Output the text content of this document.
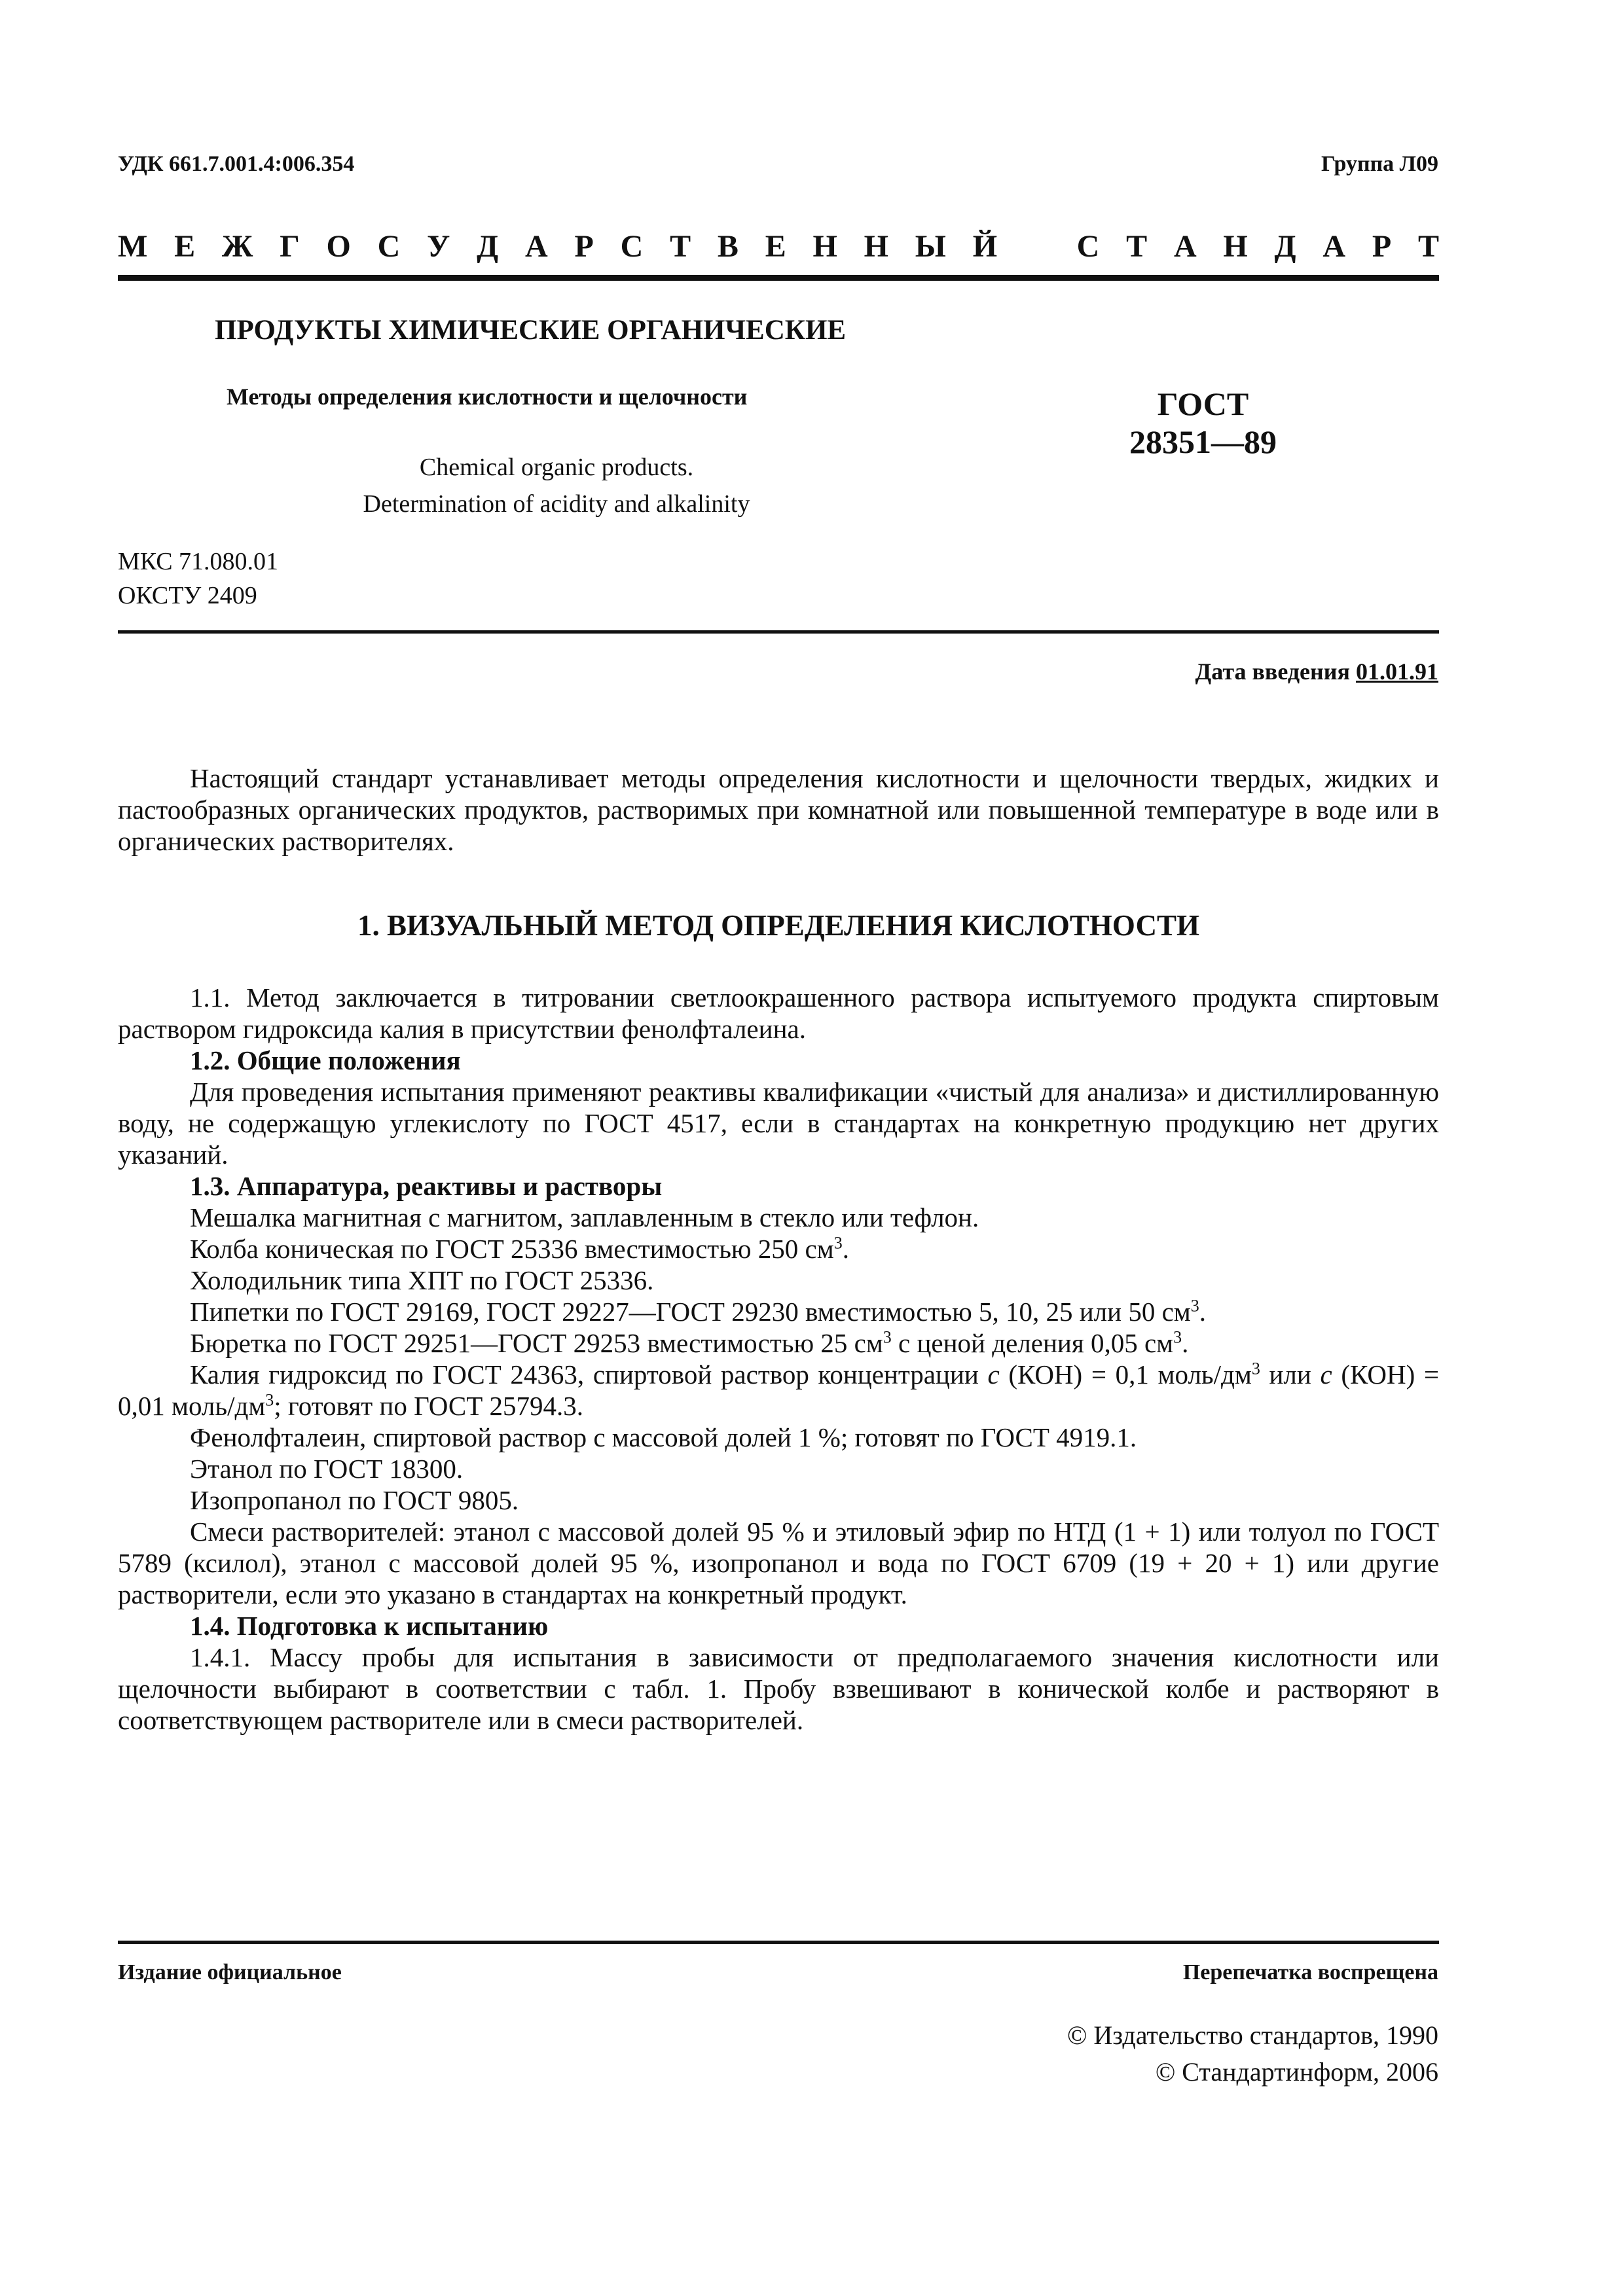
УДК 661.7.001.4:006.354	Группа Л09
М Е Ж Г О С У Д А Р С Т В Е Н Н Ы Й	С Т А Н Д А Р Т
ПРОДУКТЫ ХИМИЧЕСКИЕ ОРГАНИЧЕСКИЕ
Методы определения кислотности и щелочности
Chemical organic products.
Determination of acidity and alkalinity
ГОСТ
28351—89
МКС 71.080.01
ОКСТУ 2409
Дата введения 01.01.91

Настоящий стандарт устанавливает методы определения кислотности и щелочности твердых, жидких и пастообразных органических продуктов, растворимых при комнатной или повышенной температуре в воде или в органических растворителях.

1. ВИЗУАЛЬНЫЙ МЕТОД ОПРЕДЕЛЕНИЯ КИСЛОТНОСТИ

1.1. Метод заключается в титровании светлоокрашенного раствора испытуемого продукта спиртовым раствором гидроксида калия в присутствии фенолфталеина.

1.2. Общие положения

Для проведения испытания применяют реактивы квалификации «чистый для анализа» и дистиллированную воду, не содержащую углекислоту по ГОСТ 4517, если в стандартах на конкретную продукцию нет других указаний.

1.3. Аппаратура, реактивы и растворы

Мешалка магнитная с магнитом, заплавленным в стекло или тефлон.

Колба коническая по ГОСТ 25336 вместимостью 250 $см^3$.

Холодильник типа ХПТ по ГОСТ 25336.

Пипетки по ГОСТ 29169, ГОСТ 29227—ГОСТ 29230 вместимостью 5, 10, 25 или 50 $см^3$.

Бюретка по ГОСТ 29251—ГОСТ 29253 вместимостью 25 $см^3$ с ценой деления 0,05 $см^3$.

Калия гидроксид по ГОСТ 24363, спиртовой раствор концентрации c (КОН) = 0,1 моль/$дм^3$ или c (КОН) = 0,01 моль/$дм^3$; готовят по ГОСТ 25794.3.

Фенолфталеин, спиртовой раствор с массовой долей 1 %; готовят по ГОСТ 4919.1.

Этанол по ГОСТ 18300.

Изопропанол по ГОСТ 9805.

Смеси растворителей: этанол с массовой долей 95 % и этиловый эфир по НТД (1 + 1) или толуол по ГОСТ 5789 (ксилол), этанол с массовой долей 95 %, изопропанол и вода по ГОСТ 6709 (19 + 20 + 1) или другие растворители, если это указано в стандартах на конкретный продукт.

1.4. Подготовка к испытанию

1.4.1. Массу пробы для испытания в зависимости от предполагаемого значения кислотности или щелочности выбирают в соответствии с табл. 1. Пробу взвешивают в конической колбе и растворяют в соответствующем растворителе или в смеси растворителей.

Издание официальное	Перепечатка воспрещена
© Издательство стандартов, 1990
© Стандартинформ, 2006
